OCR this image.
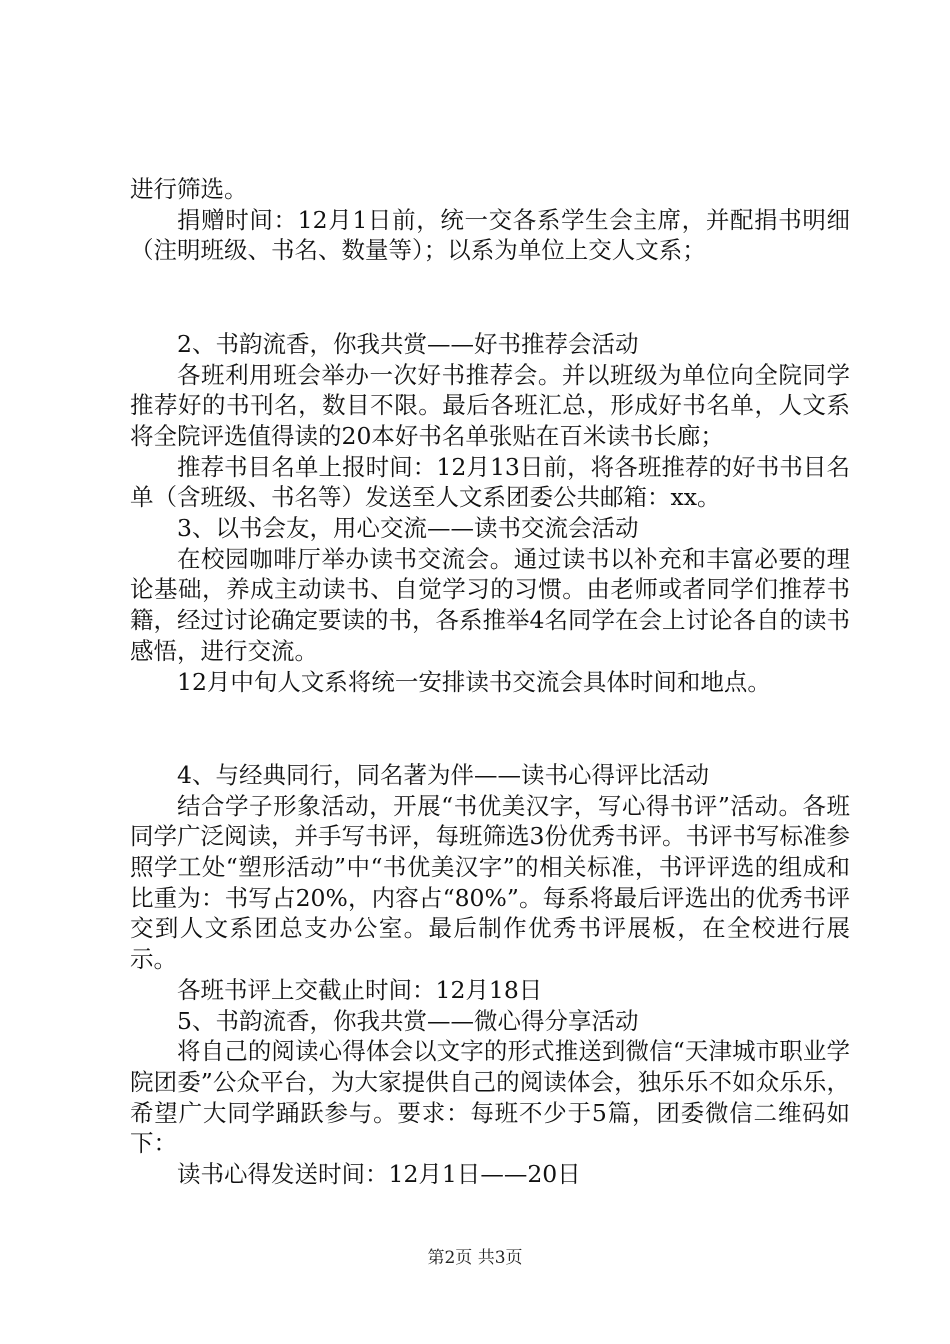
进行筛选。

捐赠时间：12月1日前，统一交各系学生会主席，并配捐书明细（注明班级、书名、数量等）；以系为单位上交人文系；

2、书韵流香，你我共赏——好书推荐会活动

各班利用班会举办一次好书推荐会。并以班级为单位向全院同学推荐好的书刊名，数目不限。最后各班汇总，形成好书名单，人文系将全院评选值得读的20本好书名单张贴在百米读书长廊；

推荐书目名单上报时间：12月13日前，将各班推荐的好书书目名单（含班级、书名等）发送至人文系团委公共邮箱：xx。

3、以书会友，用心交流——读书交流会活动

在校园咖啡厅举办读书交流会。通过读书以补充和丰富必要的理论基础，养成主动读书、自觉学习的习惯。由老师或者同学们推荐书籍，经过讨论确定要读的书，各系推举4名同学在会上讨论各自的读书感悟，进行交流。

12月中旬人文系将统一安排读书交流会具体时间和地点。

4、与经典同行，同名著为伴——读书心得评比活动

结合学子形象活动，开展“书优美汉字，写心得书评”活动。各班同学广泛阅读，并手写书评，每班筛选3份优秀书评。书评书写标准参照学工处“塑形活动”中“书优美汉字”的相关标准，书评评选的组成和比重为：书写占20%，内容占“80%”。每系将最后评选出的优秀书评交到人文系团总支办公室。最后制作优秀书评展板，在全校进行展示。

各班书评上交截止时间：12月18日

5、书韵流香，你我共赏——微心得分享活动

将自己的阅读心得体会以文字的形式推送到微信“天津城市职业学院团委”公众平台，为大家提供自己的阅读体会，独乐乐不如众乐乐，希望广大同学踊跃参与。要求：每班不少于5篇，团委微信二维码如下：

读书心得发送时间：12月1日——20日

第2页 共3页
